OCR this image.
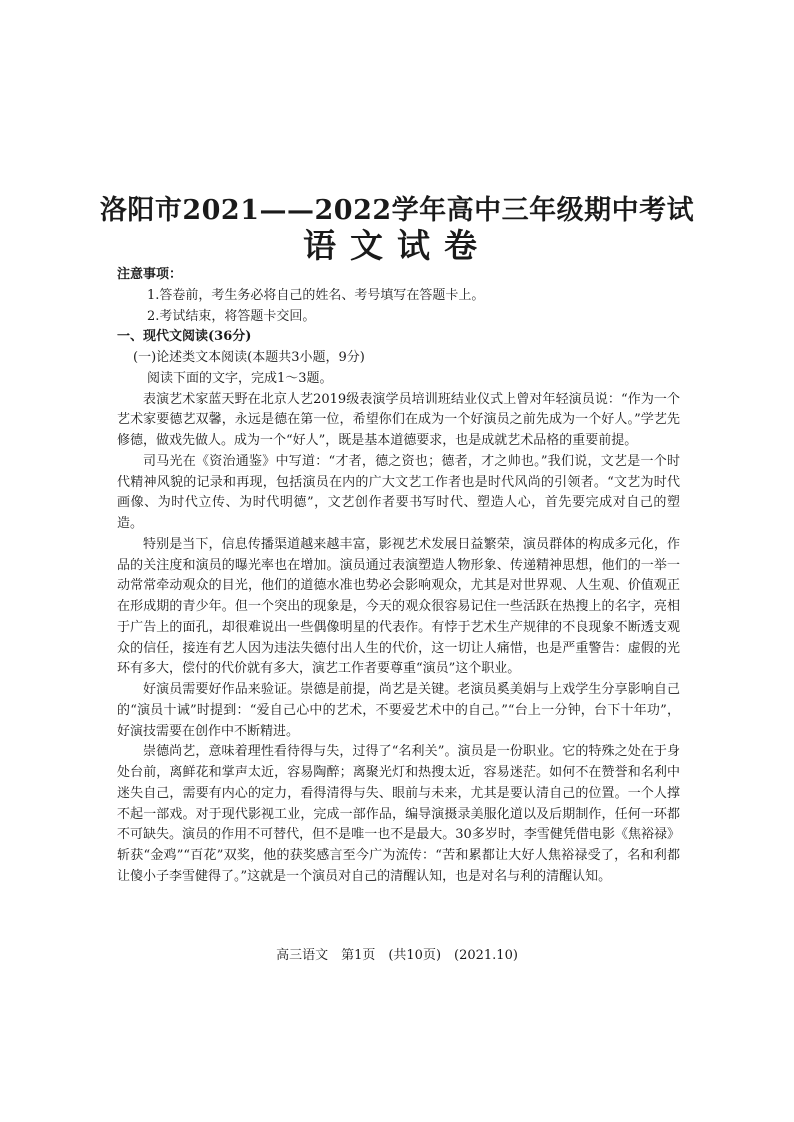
洛阳市2021——2022学年高中三年级期中考试
语文试卷

注意事项：

1.答卷前，考生务必将自己的姓名、考号填写在答题卡上。

2.考试结束，将答题卡交回。

一、现代文阅读(36分)

(一)论述类文本阅读(本题共3小题，9分)

阅读下面的文字，完成1～3题。

表演艺术家蓝天野在北京人艺2019级表演学员培训班结业仪式上曾对年轻演员说：“作为一个艺术家要德艺双馨，永远是德在第一位，希望你们在成为一个好演员之前先成为一个好人。”学艺先修德，做戏先做人。成为一个“好人”，既是基本道德要求，也是成就艺术品格的重要前提。

司马光在《资治通鉴》中写道：“才者，德之资也；德者，才之帅也。”我们说，文艺是一个时代精神风貌的记录和再现，包括演员在内的广大文艺工作者也是时代风尚的引领者。“文艺为时代画像、为时代立传、为时代明德”，文艺创作者要书写时代、塑造人心，首先要完成对自己的塑造。

特别是当下，信息传播渠道越来越丰富，影视艺术发展日益繁荣，演员群体的构成多元化，作品的关注度和演员的曝光率也在增加。演员通过表演塑造人物形象、传递精神思想，他们的一举一动常常牵动观众的目光，他们的道德水准也势必会影响观众，尤其是对世界观、人生观、价值观正在形成期的青少年。但一个突出的现象是，今天的观众很容易记住一些活跃在热搜上的名字，亮相于广告上的面孔，却很难说出一些偶像明星的代表作。有悖于艺术生产规律的不良现象不断透支观众的信任，接连有艺人因为违法失德付出人生的代价，这一切让人痛惜，也是严重警告：虚假的光环有多大，偿付的代价就有多大，演艺工作者要尊重“演员”这个职业。

好演员需要好作品来验证。崇德是前提，尚艺是关键。老演员奚美娟与上戏学生分享影响自己的“演员十诫”时提到：“爱自己心中的艺术，不要爱艺术中的自己。”“台上一分钟，台下十年功”，好演技需要在创作中不断精进。

崇德尚艺，意味着理性看待得与失，过得了“名利关”。演员是一份职业。它的特殊之处在于身处台前，离鲜花和掌声太近，容易陶醉；离聚光灯和热搜太近，容易迷茫。如何不在赞誉和名利中迷失自己，需要有内心的定力，看得清得与失、眼前与未来，尤其是要认清自己的位置。一个人撑不起一部戏。对于现代影视工业，完成一部作品，编导演摄录美服化道以及后期制作，任何一环都不可缺失。演员的作用不可替代，但不是唯一也不是最大。30多岁时，李雪健凭借电影《焦裕禄》斩获“金鸡”“百花”双奖，他的获奖感言至今广为流传：“苦和累都让大好人焦裕禄受了，名和利都让傻小子李雪健得了。”这就是一个演员对自己的清醒认知，也是对名与利的清醒认知。

高三语文　第1页　(共10页)　(2021.10)
